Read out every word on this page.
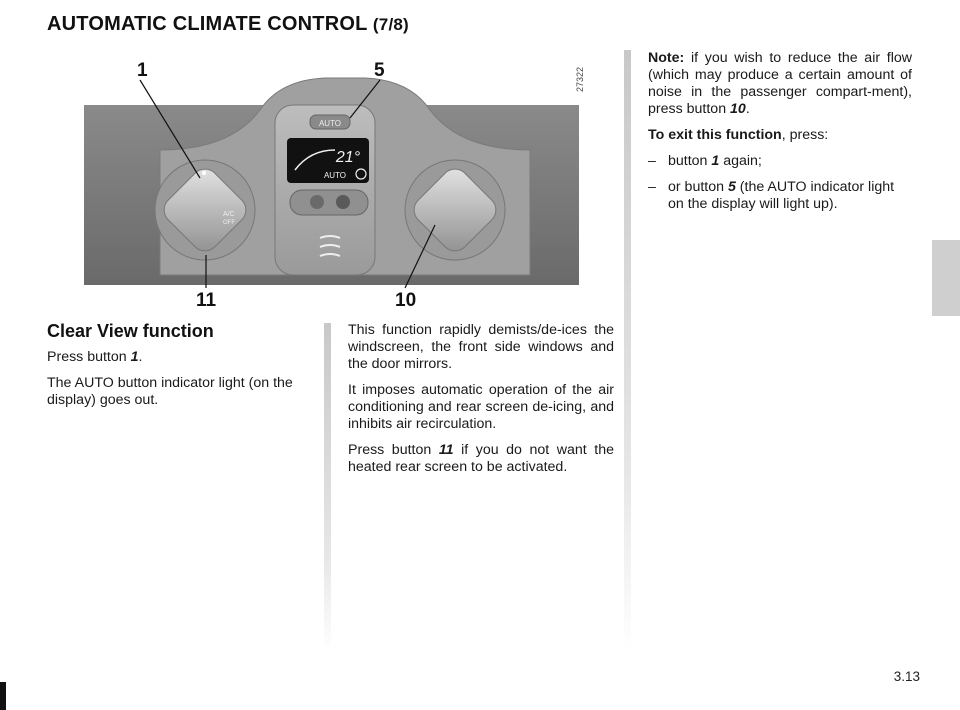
AUTOMATIC CLIMATE CONTROL (7/8)
AUTO
21°
AUTO
A/C
OFF
27322
1	5
11	10
Clear View function

Press button 1.

The AUTO button indicator light (on the display) goes out.

This function rapidly demists/de-ices the windscreen, the front side windows and the door mirrors.

It imposes automatic operation of the air conditioning and rear screen de-icing, and inhibits air recirculation.

Press button 11 if you do not want the heated rear screen to be activated.

Note: if you wish to reduce the air flow (which may produce a certain amount of noise in the passenger compart-ment), press button 10.

To exit this function, press:

– button 1 again;
– or button 5 (the AUTO indicator light on the display will light up).
3.13
